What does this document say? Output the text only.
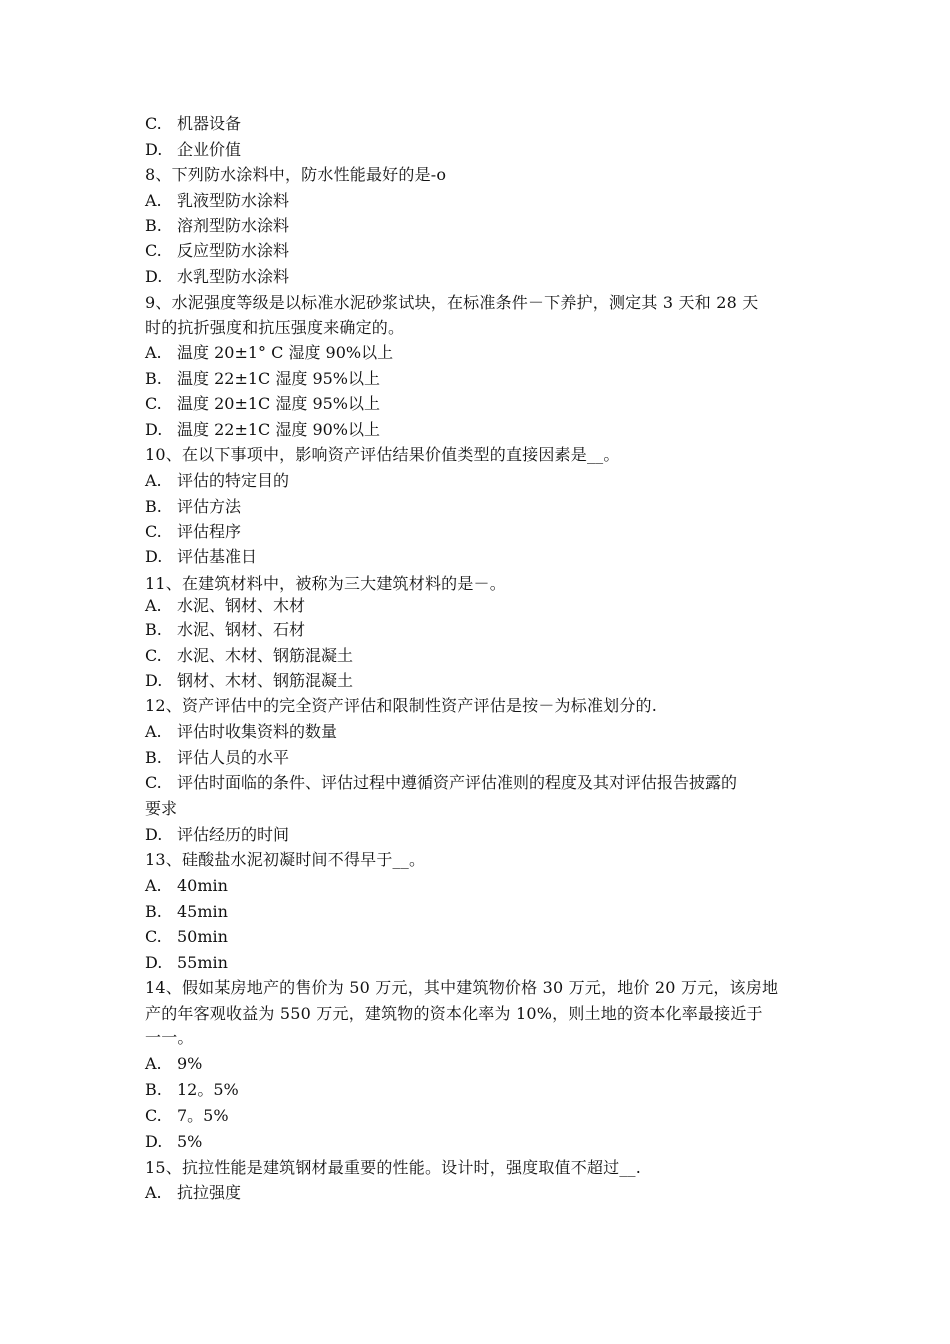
C. 机器设备
D. 企业价值
8、下列防水涂料中，防水性能最好的是-o
A. 乳液型防水涂料
B. 溶剂型防水涂料
C. 反应型防水涂料
D. 水乳型防水涂料
9、水泥强度等级是以标准水泥砂浆试块，在标准条件－下养护，测定其 3 天和 28 天
时的抗折强度和抗压强度来确定的。
A. 温度 20±1° C 湿度 90%以上
B. 温度 22±1C 湿度 95%以上
C. 温度 20±1C 湿度 95%以上
D. 温度 22±1C 湿度 90%以上
10、在以下事项中，影响资产评估结果价值类型的直接因素是__。
A. 评估的特定目的
B. 评估方法
C. 评估程序
D. 评估基准日
11、在建筑材料中，被称为三大建筑材料的是－。
A. 水泥、钢材、木材
B. 水泥、钢材、石材
C. 水泥、木材、钢筋混凝土
D. 钢材、木材、钢筋混凝土
12、资产评估中的完全资产评估和限制性资产评估是按－为标准划分的.
A. 评估时收集资料的数量
B. 评估人员的水平
C. 评估时面临的条件、评估过程中遵循资产评估准则的程度及其对评估报告披露的
要求
D. 评估经历的时间
13、硅酸盐水泥初凝时间不得早于__。
A. 40min
B. 45min
C. 50min
D. 55min
14、假如某房地产的售价为 50 万元，其中建筑物价格 30 万元，地价 20 万元，该房地
产的年客观收益为 550 万元，建筑物的资本化率为 10%，则土地的资本化率最接近于
一一。
A. 9%
B. 12。5%
C. 7。5%
D. 5%
15、抗拉性能是建筑钢材最重要的性能。设计时，强度取值不超过__.
A. 抗拉强度
